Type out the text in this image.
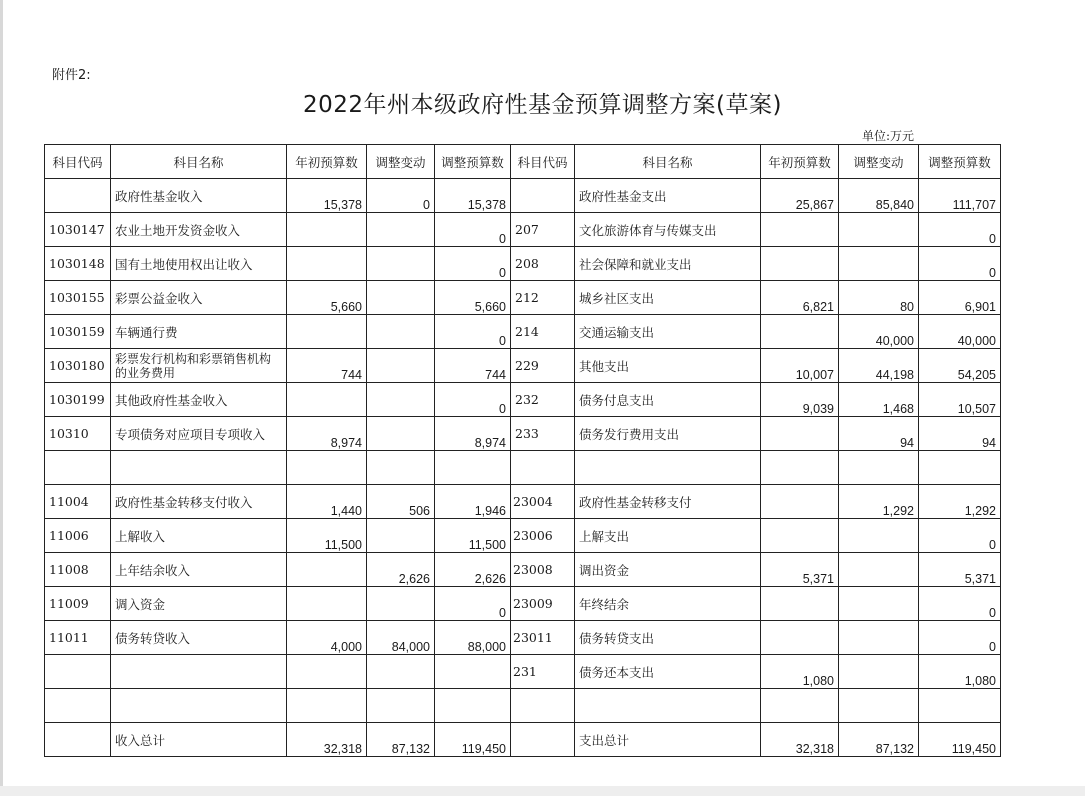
附件2:
2022年州本级政府性基金预算调整方案(草案)
单位:万元
科目代码	科目名称	年初预算数	调整变动	调整预算数	科目代码	科目名称	年初预算数	调整变动	调整预算数
	政府性基金收入	15,378	0	15,378		政府性基金支出	25,867	85,840	111,707
1030147	农业土地开发资金收入			0	207	文化旅游体育与传媒支出			0
1030148	国有土地使用权出让收入			0	208	社会保障和就业支出			0
1030155	彩票公益金收入	5,660		5,660	212	城乡社区支出	6,821	80	6,901
1030159	车辆通行费			0	214	交通运输支出		40,000	40,000
1030180	彩票发行机构和彩票销售机构的业务费用	744		744	229	其他支出	10,007	44,198	54,205
1030199	其他政府性基金收入			0	232	债务付息支出	9,039	1,468	10,507
10310	专项债务对应项目专项收入	8,974		8,974	233	债务发行费用支出		94	94

11004	政府性基金转移支付收入	1,440	506	1,946	23004	政府性基金转移支付		1,292	1,292
11006	上解收入	11,500		11,500	23006	上解支出			0
11008	上年结余收入		2,626	2,626	23008	调出资金	5,371		5,371
11009	调入资金			0	23009	年终结余			0
11011	债务转贷收入	4,000	84,000	88,000	23011	债务转贷支出			0
					231	债务还本支出	1,080		1,080

	收入总计	32,318	87,132	119,450		支出总计	32,318	87,132	119,450
